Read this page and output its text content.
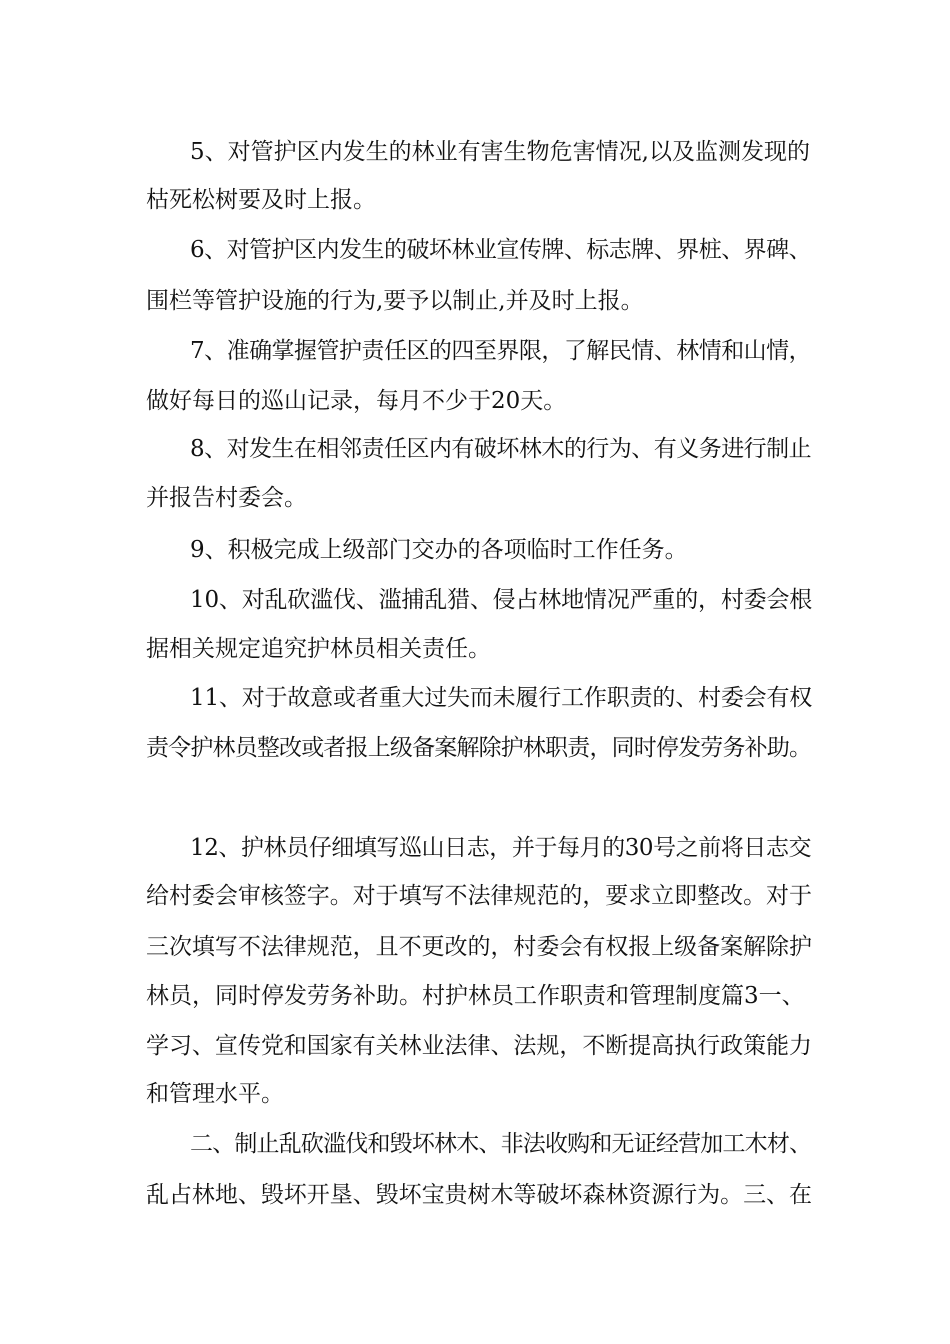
5、对管护区内发生的林业有害生物危害情况,以及监测发现的
枯死松树要及时上报。
6、对管护区内发生的破坏林业宣传牌、标志牌、界桩、界碑、
围栏等管护设施的行为,要予以制止,并及时上报。
7、准确掌握管护责任区的四至界限，了解民情、林情和山情，
做好每日的巡山记录，每月不少于20天。
8、对发生在相邻责任区内有破坏林木的行为、有义务进行制止
并报告村委会。
9、积极完成上级部门交办的各项临时工作任务。
10、对乱砍滥伐、滥捕乱猎、侵占林地情况严重的，村委会根
据相关规定追究护林员相关责任。
11、对于故意或者重大过失而未履行工作职责的、村委会有权
责令护林员整改或者报上级备案解除护林职责，同时停发劳务补助。
12、护林员仔细填写巡山日志，并于每月的30号之前将日志交
给村委会审核签字。对于填写不法律规范的，要求立即整改。对于
三次填写不法律规范，且不更改的，村委会有权报上级备案解除护
林员，同时停发劳务补助。村护林员工作职责和管理制度篇3一、
学习、宣传党和国家有关林业法律、法规，不断提高执行政策能力
和管理水平。
二、制止乱砍滥伐和毁坏林木、非法收购和无证经营加工木材、
乱占林地、毁坏开垦、毁坏宝贵树木等破坏森林资源行为。三、在
